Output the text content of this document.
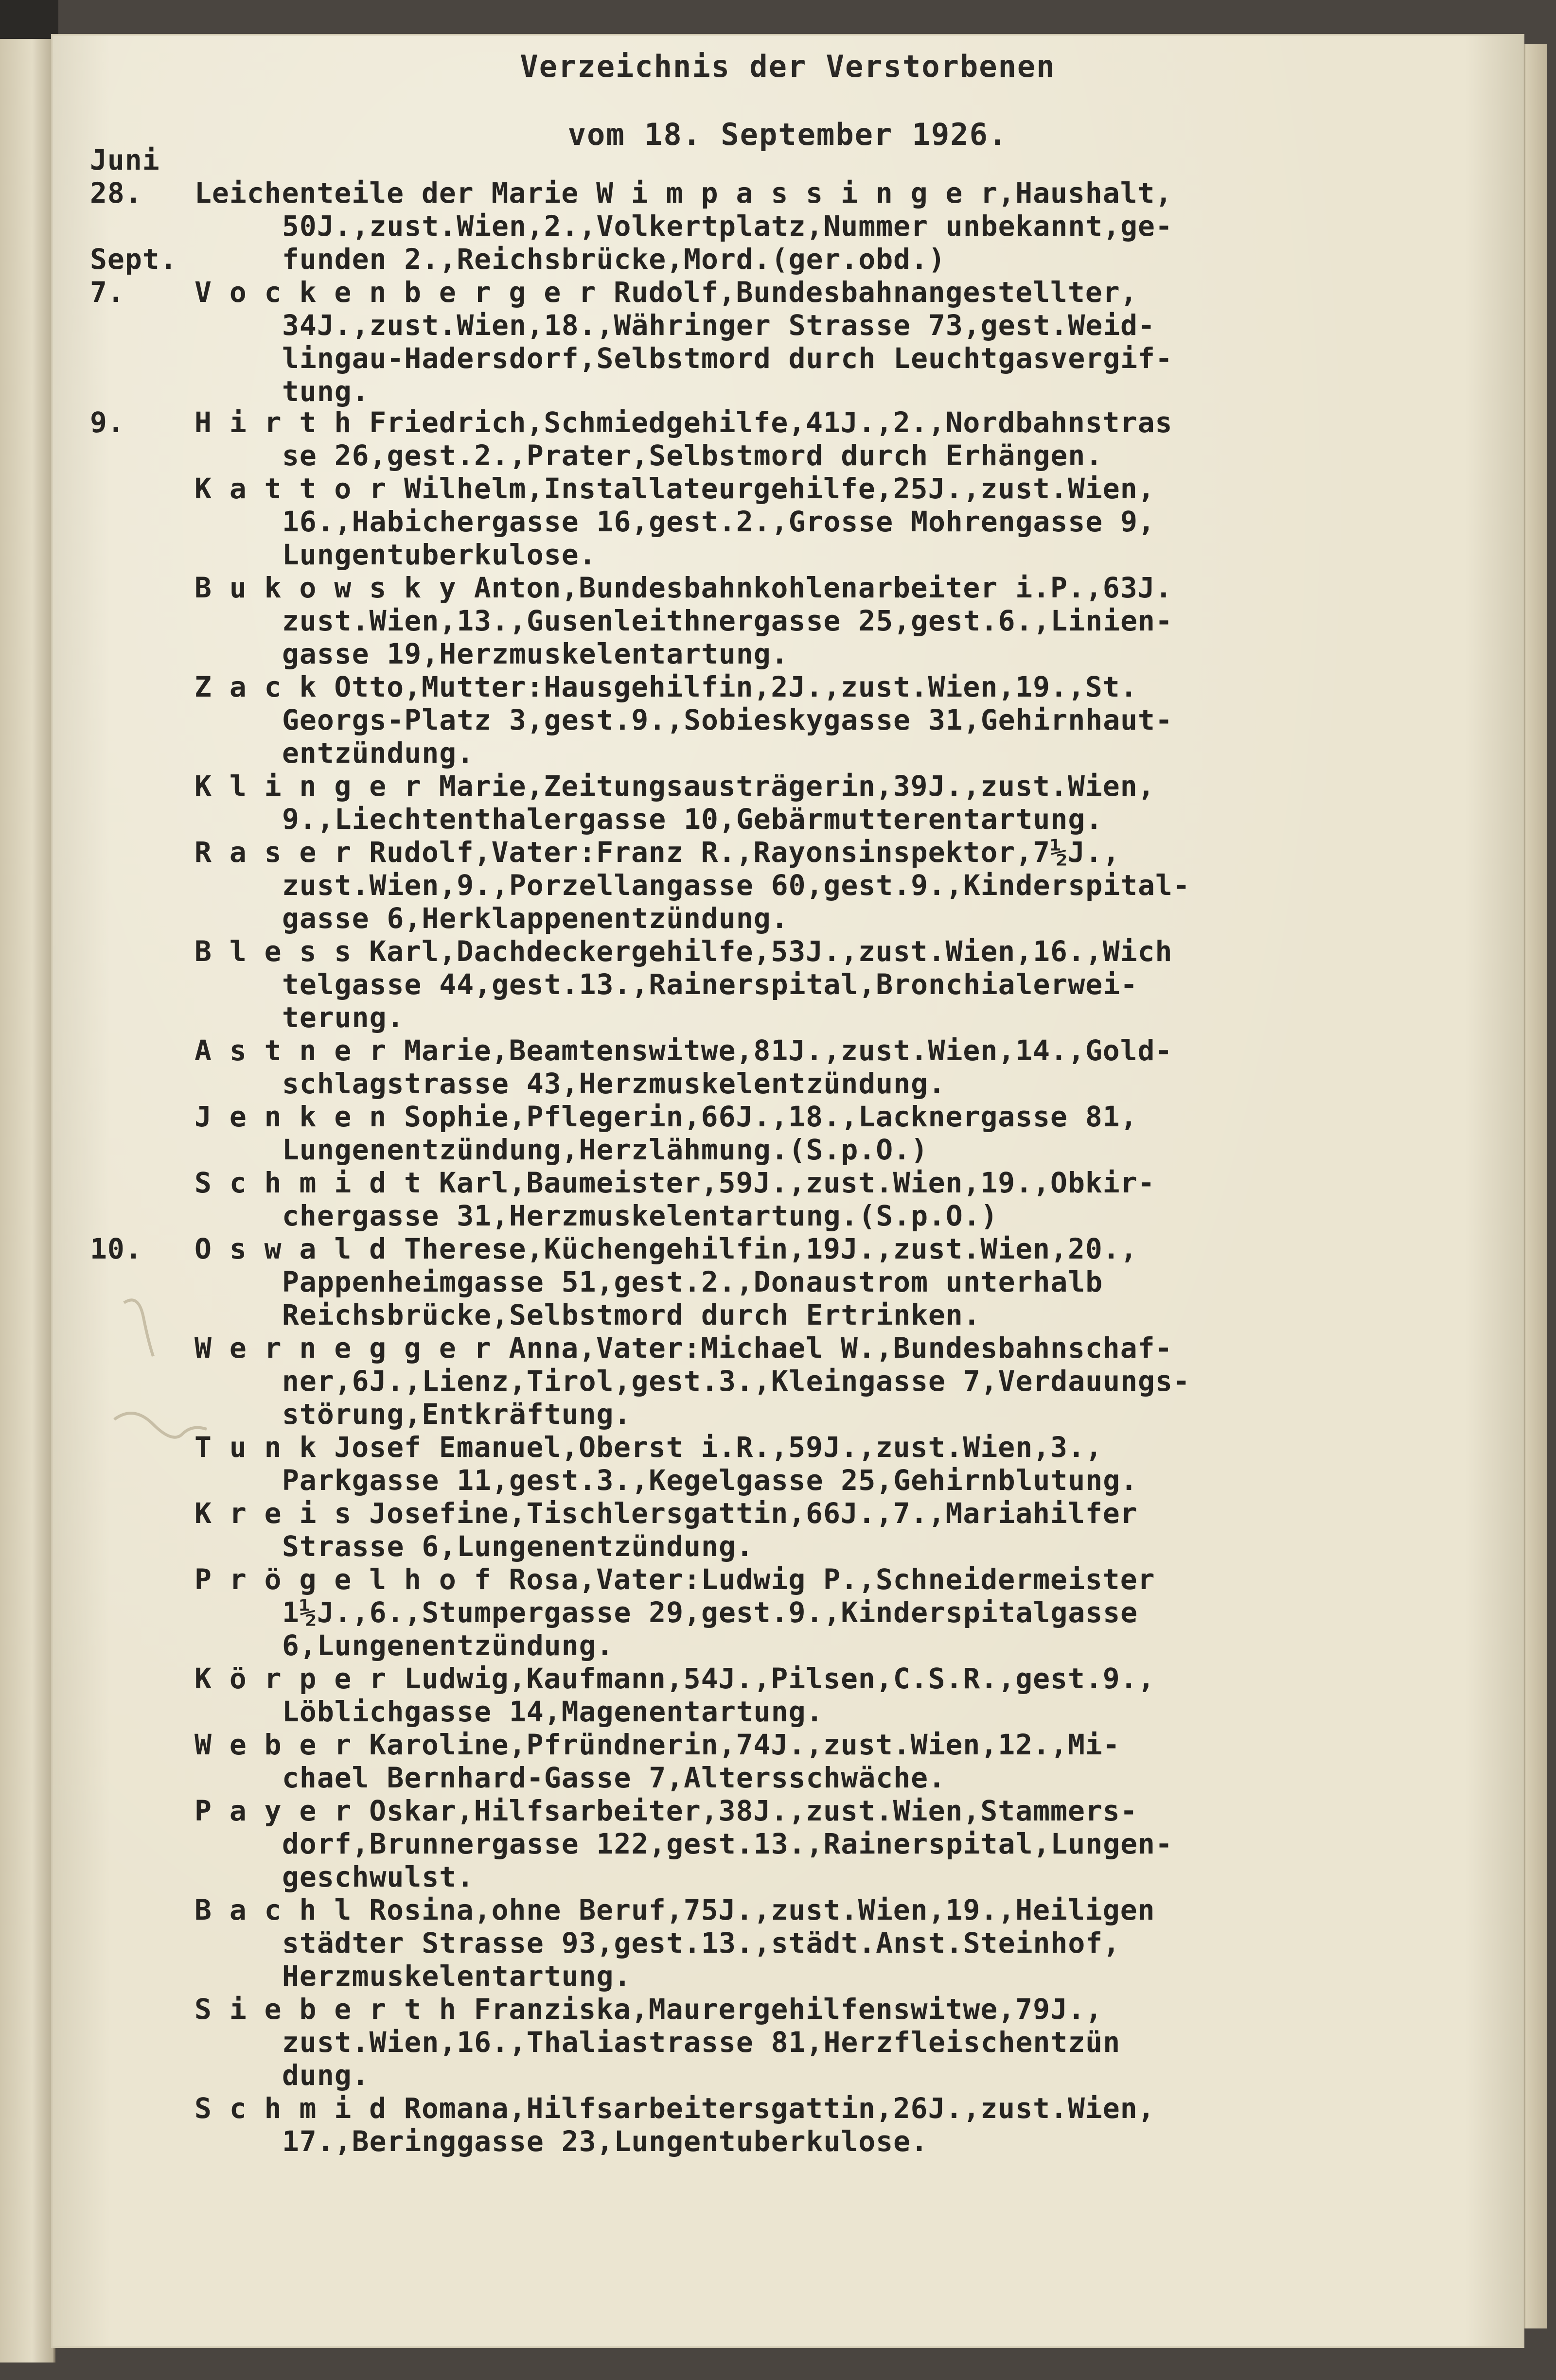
Verzeichnis der Verstorbenen
vom 18. September 1926.
Juni
28. Leichenteile der Marie W i m p a s s i n g e r,Haushalt,
50J.,zust.Wien,2.,Volkertplatz,Nummer unbekannt,ge-
Sept.	funden 2.,Reichsbrücke,Mord.(ger.obd.)
7. V o c k e n b e r g e r Rudolf,Bundesbahnangestellter,
34J.,zust.Wien,18.,Währinger Strasse 73,gest.Weid-
lingau-Hadersdorf,Selbstmord durch Leuchtgasvergif-
tung.
9. H i r t h Friedrich,Schmiedgehilfe,41J.,2.,Nordbahnstras
se 26,gest.2.,Prater,Selbstmord durch Erhängen.
K a t t o r Wilhelm,Installateurgehilfe,25J.,zust.Wien,
16.,Habichergasse 16,gest.2.,Grosse Mohrengasse 9,
Lungentuberkulose.
B u k o w s k y Anton,Bundesbahnkohlenarbeiter i.P.,63J.
zust.Wien,13.,Gusenleithnergasse 25,gest.6.,Linien-
gasse 19,Herzmuskelentartung.
Z a c k Otto,Mutter:Hausgehilfin,2J.,zust.Wien,19.,St.
Georgs-Platz 3,gest.9.,Sobieskygasse 31,Gehirnhaut-
entzündung.
K l i n g e r Marie,Zeitungsausträgerin,39J.,zust.Wien,
9.,Liechtenthalergasse 10,Gebärmutterentartung.
R a s e r Rudolf,Vater:Franz R.,Rayonsinspektor,7½J.,
zust.Wien,9.,Porzellangasse 60,gest.9.,Kinderspital-
gasse 6,Herklappenentzündung.
B l e s s Karl,Dachdeckergehilfe,53J.,zust.Wien,16.,Wich
telgasse 44,gest.13.,Rainerspital,Bronchialerwei-
terung.
A s t n e r Marie,Beamtenswitwe,81J.,zust.Wien,14.,Gold-
schlagstrasse 43,Herzmuskelentzündung.
J e n k e n Sophie,Pflegerin,66J.,18.,Lacknergasse 81,
Lungenentzündung,Herzlähmung.(S.p.O.)
S c h m i d t Karl,Baumeister,59J.,zust.Wien,19.,Obkir-
chergasse 31,Herzmuskelentartung.(S.p.O.)
10. O s w a l d Therese,Küchengehilfin,19J.,zust.Wien,20.,
Pappenheimgasse 51,gest.2.,Donaustrom unterhalb
Reichsbrücke,Selbstmord durch Ertrinken.
W e r n e g g e r Anna,Vater:Michael W.,Bundesbahnschaf-
ner,6J.,Lienz,Tirol,gest.3.,Kleingasse 7,Verdauungs-
störung,Entkräftung.
T u n k Josef Emanuel,Oberst i.R.,59J.,zust.Wien,3.,
Parkgasse 11,gest.3.,Kegelgasse 25,Gehirnblutung.
K r e i s Josefine,Tischlersgattin,66J.,7.,Mariahilfer
Strasse 6,Lungenentzündung.
P r ö g e l h o f Rosa,Vater:Ludwig P.,Schneidermeister
1½J.,6.,Stumpergasse 29,gest.9.,Kinderspitalgasse
6,Lungenentzündung.
K ö r p e r Ludwig,Kaufmann,54J.,Pilsen,C.S.R.,gest.9.,
Löblichgasse 14,Magenentartung.
W e b e r Karoline,Pfründnerin,74J.,zust.Wien,12.,Mi-
chael Bernhard-Gasse 7,Altersschwäche.
P a y e r Oskar,Hilfsarbeiter,38J.,zust.Wien,Stammers-
dorf,Brunnergasse 122,gest.13.,Rainerspital,Lungen-
geschwulst.
B a c h l Rosina,ohne Beruf,75J.,zust.Wien,19.,Heiligen
städter Strasse 93,gest.13.,städt.Anst.Steinhof,
Herzmuskelentartung.
S i e b e r t h Franziska,Maurergehilfenswitwe,79J.,
zust.Wien,16.,Thaliastrasse 81,Herzfleischentzün
dung.
S c h m i d Romana,Hilfsarbeitersgattin,26J.,zust.Wien,
17.,Beringgasse 23,Lungentuberkulose.
